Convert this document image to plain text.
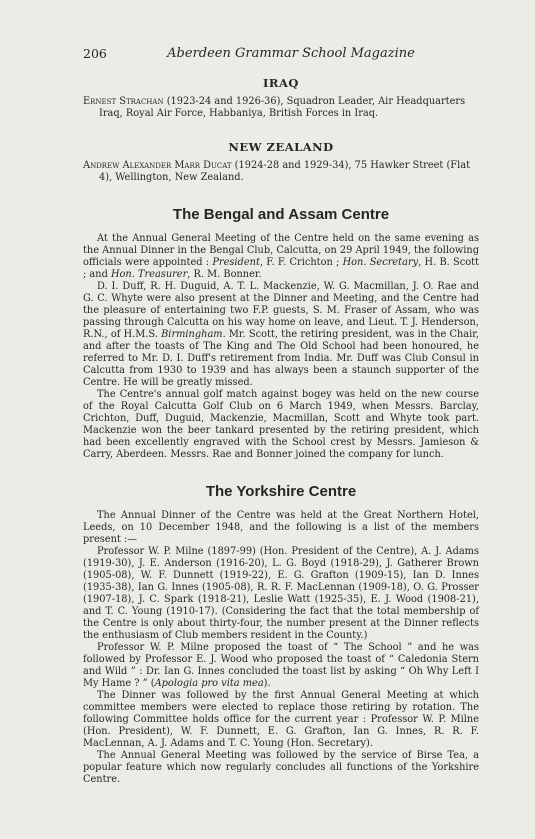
206	Aberdeen Grammar School Magazine
IRAQ

Ernest Strachan (1923-24 and 1926-36), Squadron Leader, Air Headquarters Iraq, Royal Air Force, Habbaniya, British Forces in Iraq.

NEW ZEALAND

Andrew Alexander Marr Ducat (1924-28 and 1929-34), 75 Hawker Street (Flat 4), Wellington, New Zealand.

The Bengal and Assam Centre

At the Annual General Meeting of the Centre held on the same evening as the Annual Dinner in the Bengal Club, Calcutta, on 29 April 1949, the following officials were appointed : President, F. F. Crichton ; Hon. Secretary, H. B. Scott ; and Hon. Treasurer, R. M. Bonner.

D. I. Duff, R. H. Duguid, A. T. L. Mackenzie, W. G. Macmillan, J. O. Rae and G. C. Whyte were also present at the Dinner and Meeting, and the Centre had the pleasure of entertaining two F.P. guests, S. M. Fraser of Assam, who was passing through Calcutta on his way home on leave, and Lieut. T. J. Henderson, R.N., of H.M.S. Birmingham. Mr. Scott, the retiring president, was in the Chair, and after the toasts of The King and The Old School had been honoured, he referred to Mr. D. I. Duff's retirement from India. Mr. Duff was Club Consul in Calcutta from 1930 to 1939 and has always been a staunch supporter of the Centre. He will be greatly missed.

The Centre's annual golf match against bogey was held on the new course of the Royal Calcutta Golf Club on 6 March 1949, when Messrs. Barclay, Crichton, Duff, Duguid, Mackenzie, Macmillan, Scott and Whyte took part. Mackenzie won the beer tankard presented by the retiring president, which had been excellently engraved with the School crest by Messrs. Jamieson & Carry, Aberdeen. Messrs. Rae and Bonner joined the company for lunch.

The Yorkshire Centre

The Annual Dinner of the Centre was held at the Great Northern Hotel, Leeds, on 10 December 1948, and the following is a list of the members present :—

Professor W. P. Milne (1897-99) (Hon. President of the Centre), A. J. Adams (1919-30), J. E. Anderson (1916-20), L. G. Boyd (1918-29), J. Gatherer Brown (1905-08), W. F. Dunnett (1919-22), E. G. Grafton (1909-15), Ian D. Innes (1935-38), Ian G. Innes (1905-08), R. R. F. MacLennan (1909-18), O. G. Prosser (1907-18), J. C. Spark (1918-21), Leslie Watt (1925-35), E. J. Wood (1908-21), and T. C. Young (1910-17). (Considering the fact that the total membership of the Centre is only about thirty-four, the number present at the Dinner reflects the enthusiasm of Club members resident in the County.)

Professor W. P. Milne proposed the toast of “ The School ” and he was followed by Professor E. J. Wood who proposed the toast of “ Caledonia Stern and Wild ” : Dr. Ian G. Innes concluded the toast list by asking “ Oh Why Left I My Hame ? ” (Apologia pro vita mea).

The Dinner was followed by the first Annual General Meeting at which committee members were elected to replace those retiring by rotation. The following Committee holds office for the current year : Professor W. P. Milne (Hon. President), W. F. Dunnett, E. G. Grafton, Ian G. Innes, R. R. F. MacLennan, A. J. Adams and T. C. Young (Hon. Secretary).

The Annual General Meeting was followed by the service of Birse Tea, a popular feature which now regularly concludes all functions of the Yorkshire Centre.
